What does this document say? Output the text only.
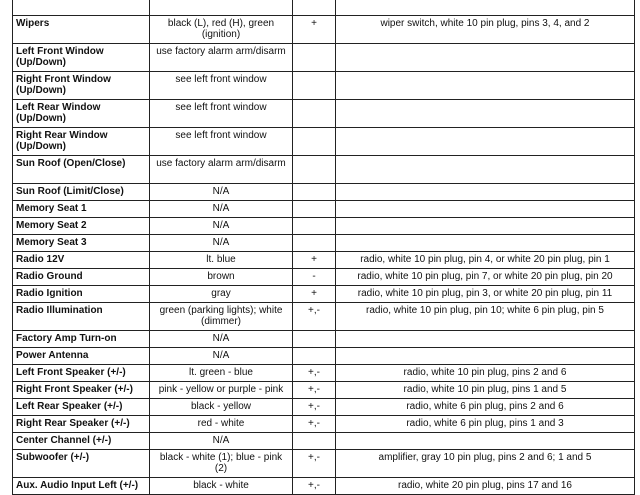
Wipers	black (L), red (H), green (ignition)	+	wiper switch, white 10 pin plug, pins 3, 4, and 2
Left Front Window (Up/Down)	use factory alarm arm/disarm		
Right Front Window (Up/Down)	see left front window		
Left Rear Window (Up/Down)	see left front window		
Right Rear Window (Up/Down)	see left front window		
Sun Roof (Open/Close)	use factory alarm arm/disarm		
Sun Roof (Limit/Close)	N/A		
Memory Seat 1	N/A		
Memory Seat 2	N/A		
Memory Seat 3	N/A		
Radio 12V	lt. blue	+	radio, white 10 pin plug, pin 4, or white 20 pin plug, pin 1
Radio Ground	brown	-	radio, white 10 pin plug, pin 7, or white 20 pin plug, pin 20
Radio Ignition	gray	+	radio, white 10 pin plug, pin 3, or white 20 pin plug, pin 11
Radio Illumination	green (parking lights); white (dimmer)	+,-	radio, white 10 pin plug, pin 10; white 6 pin plug, pin 5
Factory Amp Turn-on	N/A		
Power Antenna	N/A		
Left Front Speaker (+/-)	lt. green - blue	+,-	radio, white 10 pin plug, pins 2 and 6
Right Front Speaker (+/-)	pink - yellow or purple - pink	+,-	radio, white 10 pin plug, pins 1 and 5
Left Rear Speaker (+/-)	black - yellow	+,-	radio, white 6 pin plug, pins 2 and 6
Right Rear Speaker (+/-)	red - white	+,-	radio, white 6 pin plug, pins 1 and 3
Center Channel (+/-)	N/A		
Subwoofer (+/-)	black - white (1); blue - pink (2)	+,-	amplifier, gray 10 pin plug, pins 2 and 6; 1 and 5
Aux. Audio Input Left (+/-)	black - white	+,-	radio, white 20 pin plug, pins 17 and 16
